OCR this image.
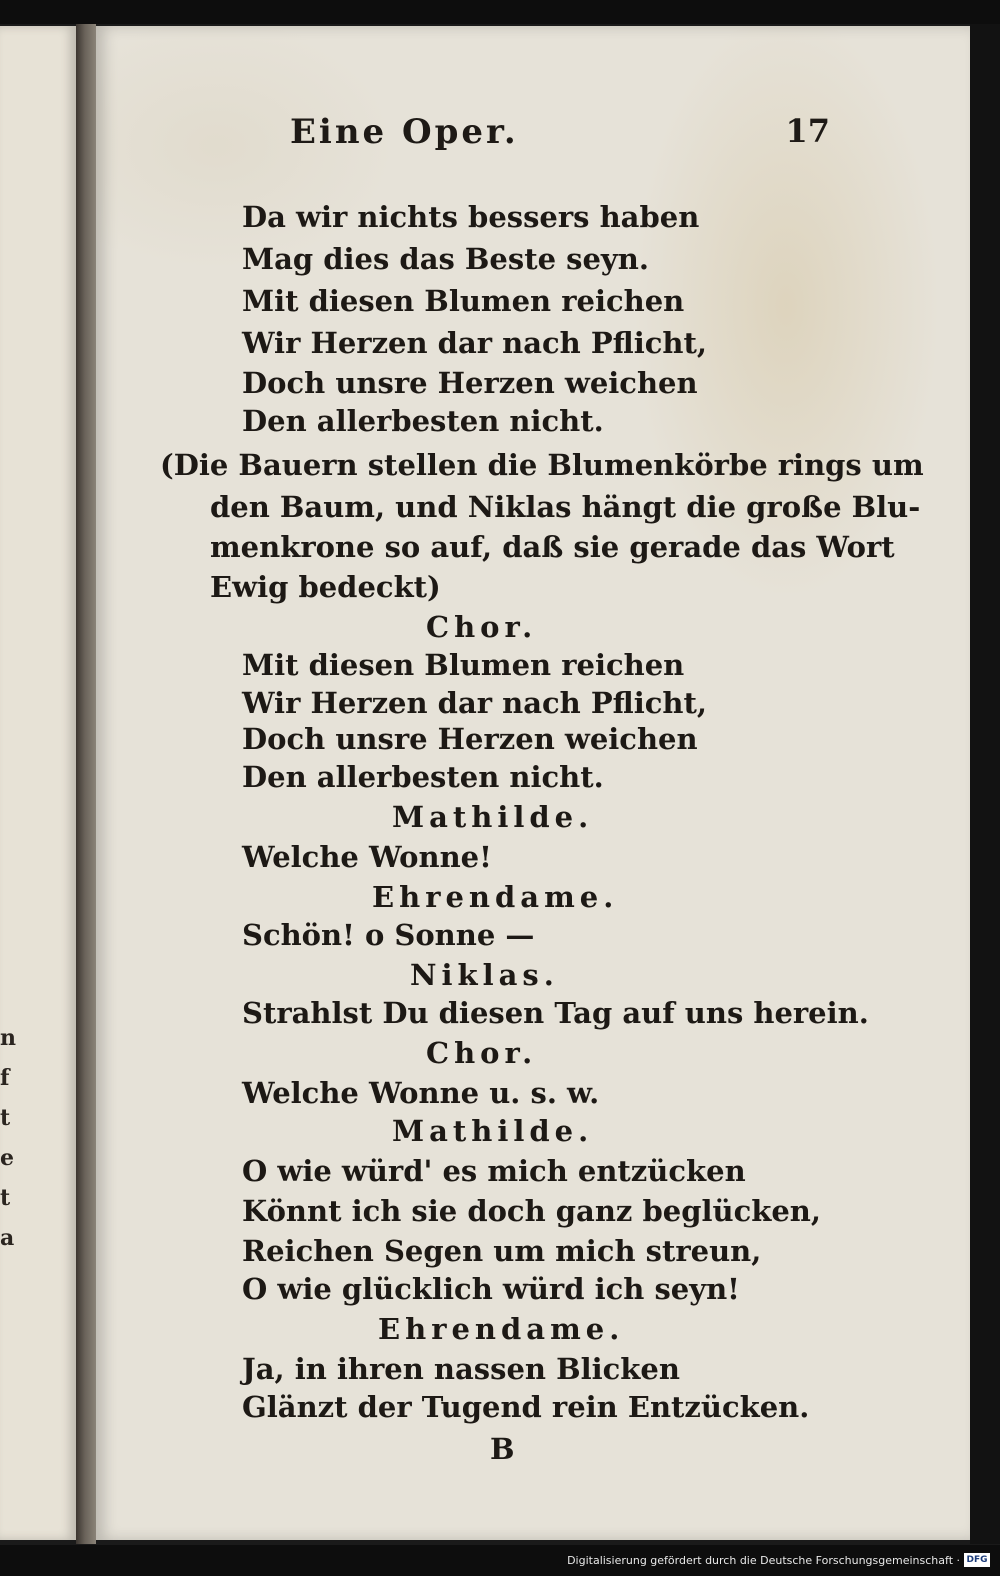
n
f
t
e
t
a
Eine Oper.	17
Da wir nichts bessers haben
Mag dies das Beste seyn.
Mit diesen Blumen reichen
Wir Herzen dar nach Pflicht,
Doch unsre Herzen weichen
Den allerbesten nicht.
(Die Bauern stellen die Blumenkörbe rings um
den Baum, und Niklas hängt die große Blu-
menkrone so auf, daß sie gerade das Wort
Ewig bedeckt)
Chor.
Mit diesen Blumen reichen
Wir Herzen dar nach Pflicht,
Doch unsre Herzen weichen
Den allerbesten nicht.
Mathilde.
Welche Wonne!
Ehrendame.
Schön! o Sonne —
Niklas.
Strahlst Du diesen Tag auf uns herein.
Chor.
Welche Wonne u. s. w.
Mathilde.
O wie würd' es mich entzücken
Könnt ich sie doch ganz beglücken,
Reichen Segen um mich streun,
O wie glücklich würd ich seyn!
Ehrendame.
Ja, in ihren nassen Blicken
Glänzt der Tugend rein Entzücken.
B
Digitalisierung gefördert durch die Deutsche Forschungsgemeinschaft · DFG
